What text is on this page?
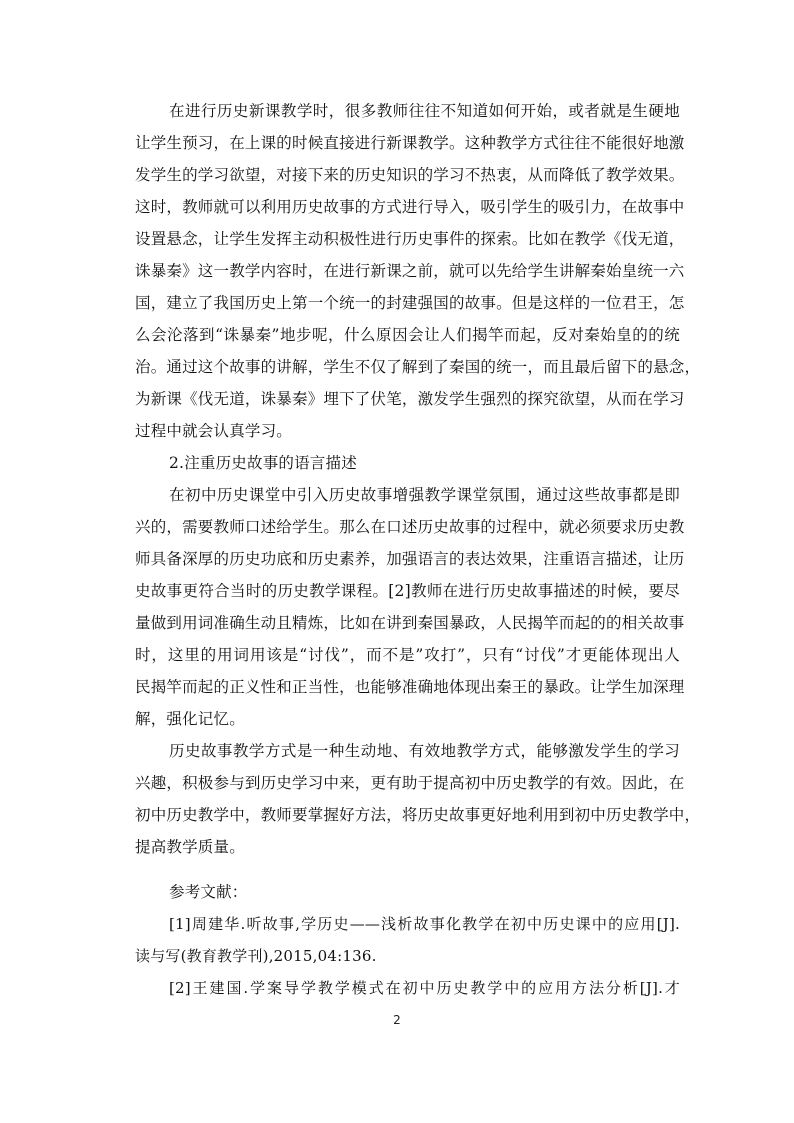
在进行历史新课教学时，很多教师往往不知道如何开始，或者就是生硬地
让学生预习，在上课的时候直接进行新课教学。这种教学方式往往不能很好地激
发学生的学习欲望，对接下来的历史知识的学习不热衷，从而降低了教学效果。
这时，教师就可以利用历史故事的方式进行导入，吸引学生的吸引力，在故事中
设置悬念，让学生发挥主动积极性进行历史事件的探索。比如在教学《伐无道，
诛暴秦》这一教学内容时，在进行新课之前，就可以先给学生讲解秦始皇统一六
国，建立了我国历史上第一个统一的封建强国的故事。但是这样的一位君王，怎
么会沦落到“诛暴秦”地步呢，什么原因会让人们揭竿而起，反对秦始皇的的统
治。通过这个故事的讲解，学生不仅了解到了秦国的统一，而且最后留下的悬念，
为新课《伐无道，诛暴秦》埋下了伏笔，激发学生强烈的探究欲望，从而在学习
过程中就会认真学习。
2.注重历史故事的语言描述
在初中历史课堂中引入历史故事增强教学课堂氛围，通过这些故事都是即
兴的，需要教师口述给学生。那么在口述历史故事的过程中，就必须要求历史教
师具备深厚的历史功底和历史素养，加强语言的表达效果，注重语言描述，让历
史故事更符合当时的历史教学课程。[2]教师在进行历史故事描述的时候，要尽
量做到用词准确生动且精炼，比如在讲到秦国暴政，人民揭竿而起的的相关故事
时，这里的用词用该是“讨伐”，而不是”攻打”，只有“讨伐”才更能体现出人
民揭竿而起的正义性和正当性，也能够准确地体现出秦王的暴政。让学生加深理
解，强化记忆。
历史故事教学方式是一种生动地、有效地教学方式，能够激发学生的学习
兴趣，积极参与到历史学习中来，更有助于提高初中历史教学的有效。因此，在
初中历史教学中，教师要掌握好方法，将历史故事更好地利用到初中历史教学中，
提高教学质量。
参考文献：
[1]周建华.听故事,学历史——浅析故事化教学在初中历史课中的应用[J].
读与写(教育教学刊),2015,04:136.
[2]王建国.学案导学教学模式在初中历史教学中的应用方法分析[J].才
2
